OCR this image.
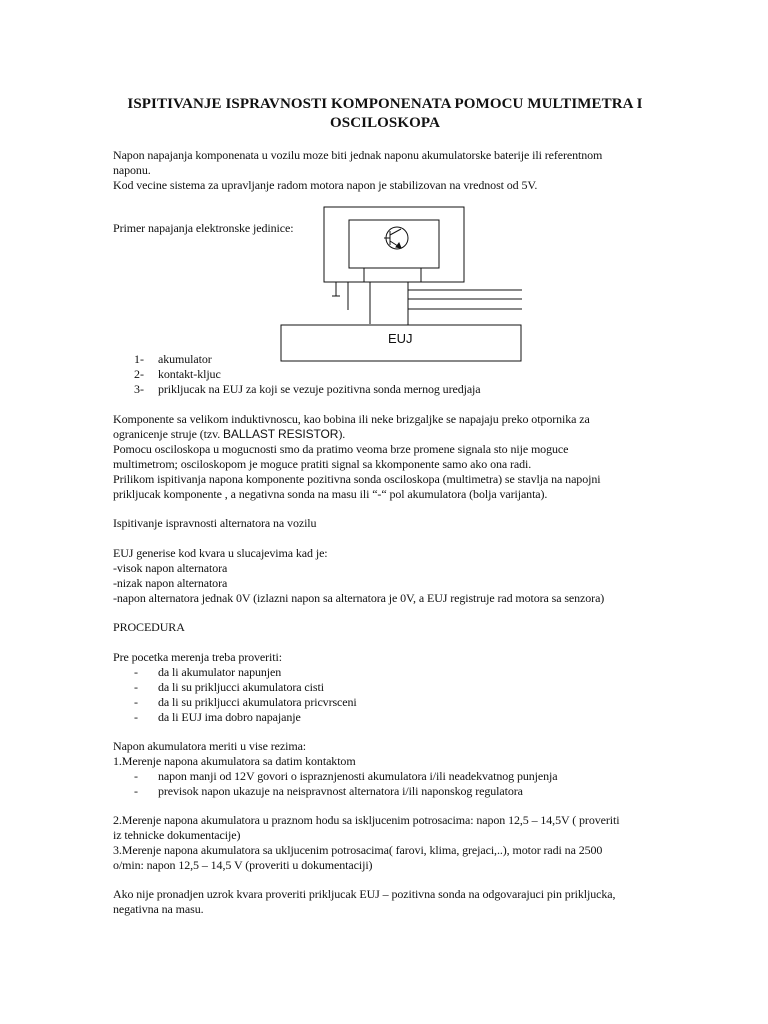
ISPITIVANJE ISPRAVNOSTI KOMPONENATA POMOCU MULTIMETRA I
OSCILOSKOPA
Napon napajanja komponenata u vozilu moze biti jednak naponu akumulatorske baterije ili referentnom
naponu.
Kod vecine sistema za upravljanje radom motora napon je stabilizovan na vrednost od 5V.
Primer napajanja elektronske jedinice:
EUJ
1- akumulator
2- kontakt-kljuc
3- prikljucak na EUJ za koji se vezuje pozitivna sonda mernog uredjaja
Komponente sa velikom induktivnoscu, kao bobina ili neke brizgaljke se napajaju preko otpornika za
ogranicenje struje (tzv. BALLAST RESISTOR).
Pomocu osciloskopa u mogucnosti smo da pratimo veoma brze promene signala sto nije moguce
multimetrom; osciloskopom je moguce pratiti signal sa kkomponente samo ako ona radi.
Prilikom ispitivanja napona komponente pozitivna sonda osciloskopa (multimetra) se stavlja na napojni
prikljucak komponente , a negativna sonda na masu ili “-“ pol akumulatora (bolja varijanta).
Ispitivanje ispravnosti alternatora na vozilu
EUJ generise kod kvara u slucajevima kad je:
-visok napon alternatora
-nizak napon alternatora
-napon alternatora jednak 0V (izlazni napon sa alternatora je 0V, a EUJ registruje rad motora sa senzora)
PROCEDURA
Pre pocetka merenja treba proveriti:
- da li akumulator napunjen
- da li su prikljucci akumulatora cisti
- da li su prikljucci akumulatora pricvrsceni
- da li EUJ ima dobro napajanje
Napon akumulatora meriti u vise rezima:
1.Merenje napona akumulatora sa datim kontaktom
- napon manji od 12V govori o ispraznjenosti akumulatora i/ili neadekvatnog punjenja
- previsok napon ukazuje na neispravnost alternatora i/ili naponskog regulatora
2.Merenje napona akumulatora u praznom hodu sa iskljucenim potrosacima: napon 12,5 – 14,5V ( proveriti
iz tehnicke dokumentacije)
3.Merenje napona akumulatora sa ukljucenim potrosacima( farovi, klima, grejaci,..), motor radi na 2500
o/min: napon 12,5 – 14,5 V (proveriti u dokumentaciji)
Ako nije pronadjen uzrok kvara proveriti prikljucak EUJ – pozitivna sonda na odgovarajuci pin prikljucka,
negativna na masu.
